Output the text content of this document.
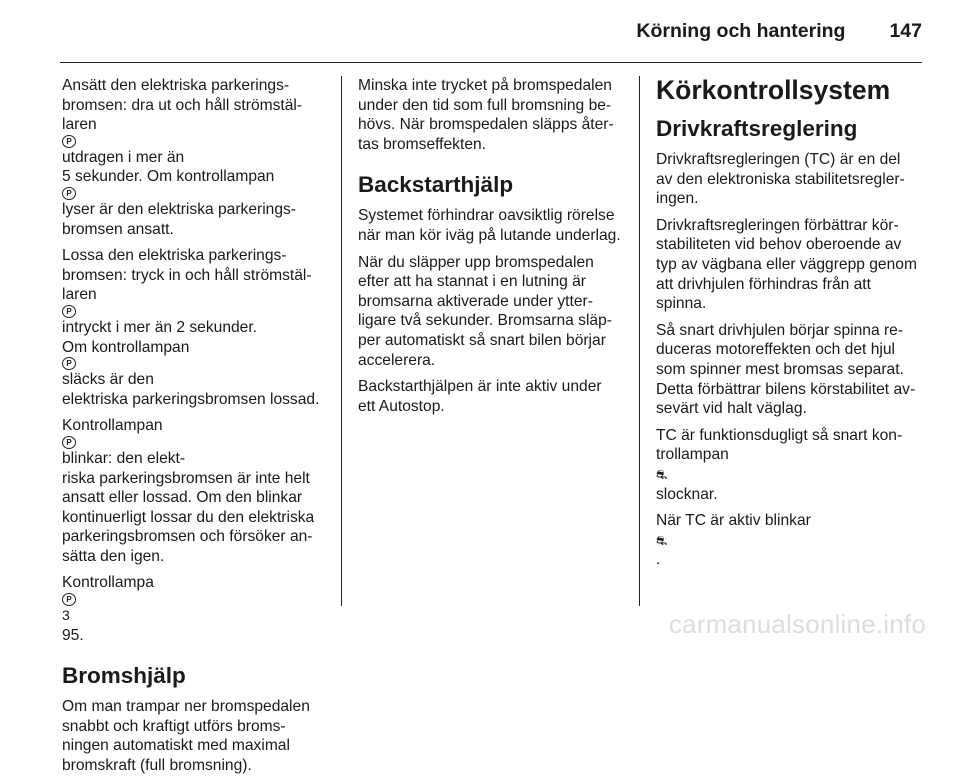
Körning och hantering 147

Ansätt den elektriska parkerings-
bromsen: dra ut och håll strömstäl-
laren
P
utdragen i mer än
5 sekunder. Om kontrollampan
P
lyser är den elektriska parkerings-
bromsen ansatt.

Lossa den elektriska parkerings-
bromsen: tryck in och håll strömstäl-
laren
P
intryckt i mer än 2 sekunder.
Om kontrollampan
P
släcks är den
elektriska parkeringsbromsen lossad.

Kontrollampan
P
blinkar: den elekt-
riska parkeringsbromsen är inte helt
ansatt eller lossad. Om den blinkar
kontinuerligt lossar du den elektriska
parkeringsbromsen och försöker an-
sätta den igen.

Kontrollampa
P
3
95.

Bromshjälp

Om man trampar ner bromspedalen
snabbt och kraftigt utförs broms-
ningen automatiskt med maximal
bromskraft (full bromsning).

Minska inte trycket på bromspedalen
under den tid som full bromsning be-
hövs. När bromspedalen släpps åter-
tas bromseffekten.

Backstarthjälp

Systemet förhindrar oavsiktlig rörelse
när man kör iväg på lutande underlag.

När du släpper upp bromspedalen
efter att ha stannat i en lutning är
bromsarna aktiverade under ytter-
ligare två sekunder. Bromsarna släp-
per automatiskt så snart bilen börjar
accelerera.

Backstarthjälpen är inte aktiv under
ett Autostop.

Körkontrollsystem
Drivkraftsreglering

Drivkraftsregleringen (TC) är en del
av den elektroniska stabilitetsregler-
ingen.

Drivkraftsregleringen förbättrar kör-
stabiliteten vid behov oberoende av
typ av vägbana eller väggrepp genom
att drivhjulen förhindras från att
spinna.

Så snart drivhjulen börjar spinna re-
duceras motoreffekten och det hjul
som spinner mest bromsas separat.
Detta förbättrar bilens körstabilitet av-
sevärt vid halt väglag.

TC är funktionsdugligt så snart kon-
trollampan
⛐
slocknar.

När TC är aktiv blinkar
⛐
.

carmanualsonline.info
